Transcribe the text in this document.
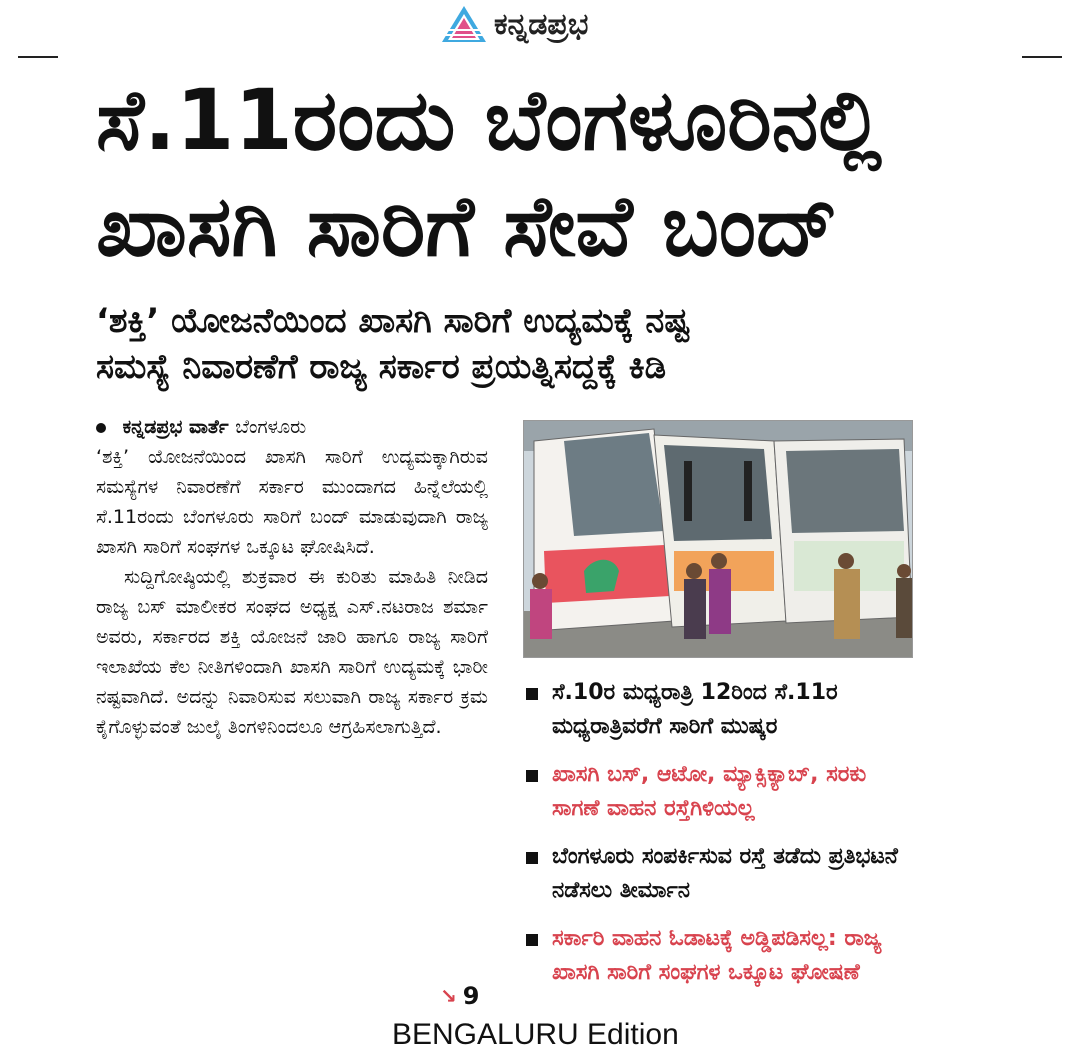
ಕನ್ನಡಪ್ರಭ
ಸೆ.11ರಂದು ಬೆಂಗಳೂರಿನಲ್ಲಿ
ಖಾಸಗಿ ಸಾರಿಗೆ ಸೇವೆ ಬಂದ್
‘ಶಕ್ತಿ’ ಯೋಜನೆಯಿಂದ ಖಾಸಗಿ ಸಾರಿಗೆ ಉದ್ಯಮಕ್ಕೆ ನಷ್ಟ
ಸಮಸ್ಯೆ ನಿವಾರಣೆಗೆ ರಾಜ್ಯ ಸರ್ಕಾರ ಪ್ರಯತ್ನಿಸದ್ದಕ್ಕೆ ಕಿಡಿ
ಕನ್ನಡಪ್ರಭ ವಾರ್ತೆ ಬೆಂಗಳೂರು

‘ಶಕ್ತಿ’ ಯೋಜನೆಯಿಂದ ಖಾಸಗಿ ಸಾರಿಗೆ ಉದ್ಯಮಕ್ಕಾಗಿರುವ ಸಮಸ್ಯೆಗಳ ನಿವಾರಣೆಗೆ ಸರ್ಕಾರ ಮುಂದಾಗದ ಹಿನ್ನೆಲೆಯಲ್ಲಿ ಸೆ.11ರಂದು ಬೆಂಗಳೂರು ಸಾರಿಗೆ ಬಂದ್ ಮಾಡುವುದಾಗಿ ರಾಜ್ಯ ಖಾಸಗಿ ಸಾರಿಗೆ ಸಂಘಗಳ ಒಕ್ಕೂಟ ಘೋಷಿಸಿದೆ.

ಸುದ್ದಿಗೋಷ್ಠಿಯಲ್ಲಿ ಶುಕ್ರವಾರ ಈ ಕುರಿತು ಮಾಹಿತಿ ನೀಡಿದ ರಾಜ್ಯ ಬಸ್ ಮಾಲೀಕರ ಸಂಘದ ಅಧ್ಯಕ್ಷ ಎಸ್.ನಟರಾಜ ಶರ್ಮಾ ಅವರು, ಸರ್ಕಾರದ ಶಕ್ತಿ ಯೋಜನೆ ಜಾರಿ ಹಾಗೂ ರಾಜ್ಯ ಸಾರಿಗೆ ಇಲಾಖೆಯ ಕೆಲ ನೀತಿಗಳಿಂದಾಗಿ ಖಾಸಗಿ ಸಾರಿಗೆ ಉದ್ಯಮಕ್ಕೆ ಭಾರೀ ನಷ್ಟವಾಗಿದೆ. ಅದನ್ನು ನಿವಾರಿಸುವ ಸಲುವಾಗಿ ರಾಜ್ಯ ಸರ್ಕಾರ ಕ್ರಮ ಕೈಗೊಳ್ಳುವಂತೆ ಜುಲೈ ತಿಂಗಳಿನಿಂದಲೂ ಆಗ್ರಹಿಸಲಾಗುತ್ತಿದೆ.

↘ 9
ಸೆ.10ರ ಮಧ್ಯರಾತ್ರಿ 12ರಿಂದ ಸೆ.11ರ ಮಧ್ಯರಾತ್ರಿವರೆಗೆ ಸಾರಿಗೆ ಮುಷ್ಕರ
ಖಾಸಗಿ ಬಸ್, ಆಟೋ, ಮ್ಯಾಕ್ಸಿಕ್ಯಾಬ್, ಸರಕು ಸಾಗಣೆ ವಾಹನ ರಸ್ತೆಗಿಳಿಯಲ್ಲ
ಬೆಂಗಳೂರು ಸಂಪರ್ಕಿಸುವ ರಸ್ತೆ ತಡೆದು ಪ್ರತಿಭಟನೆ ನಡೆಸಲು ತೀರ್ಮಾನ
ಸರ್ಕಾರಿ ವಾಹನ ಓಡಾಟಕ್ಕೆ ಅಡ್ಡಿಪಡಿಸಲ್ಲ: ರಾಜ್ಯ ಖಾಸಗಿ ಸಾರಿಗೆ ಸಂಘಗಳ ಒಕ್ಕೂಟ ಘೋಷಣೆ
BENGALURU Edition
